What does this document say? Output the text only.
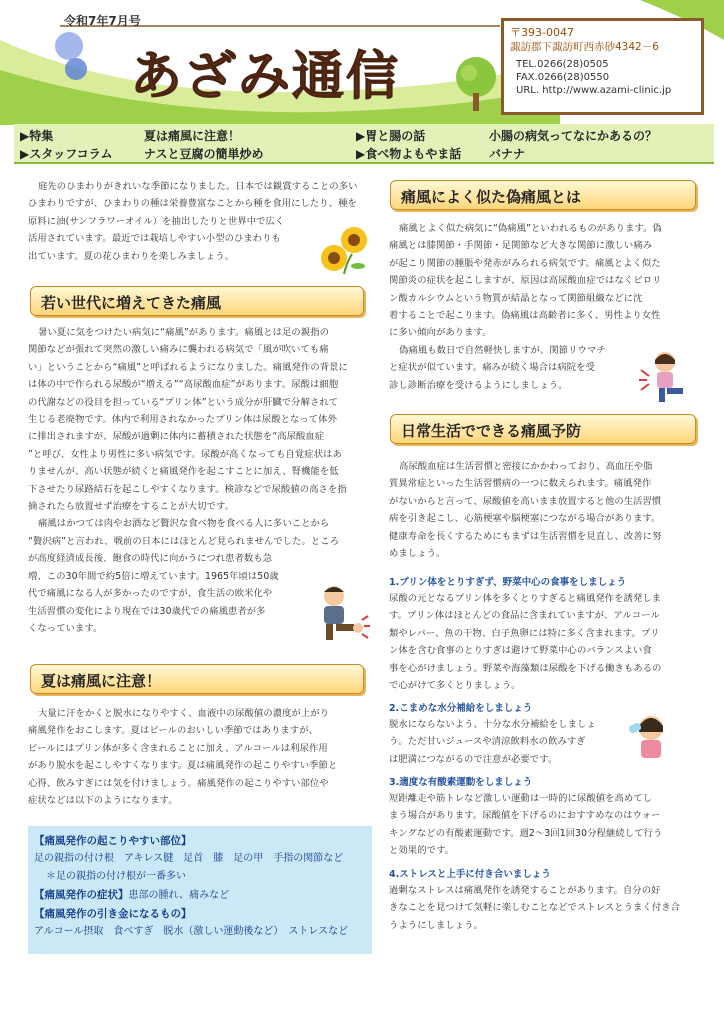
令和7年7月号
あざみ通信
〒393-0047
諏訪郡下諏訪町西赤砂4342－6
TEL.0266(28)0505
FAX.0266(28)0550
URL. http://www.azami-clinic.jp
▶特集	夏は痛風に注意！
▶スタッフコラム	ナスと豆腐の簡単炒め
▶胃と腸の話	小腸の病気ってなにかあるの？
▶食べ物よもやま話 バナナ
庭先のひまわりがきれいな季節になりました。日本では観賞することの多い
ひまわりですが、ひまわりの種は栄養豊富なことから種を食用にしたり、種を
原料に油(サンフラワーオイル）を抽出したりと世界中で広く
活用されています。最近では栽培しやすい小型のひまわりも
出ています。夏の花ひまわりを楽しみましょう。
若い世代に増えてきた痛風
暑い夏に気をつけたい病気に“痛風”があります。痛風とは足の親指の
関節などが張れて突然の激しい痛みに襲われる病気で「風が吹いても痛
い」ということから“痛風”と呼ばれるようになりました。痛風発作の背景に
は体の中で作られる尿酸が“増える”“高尿酸血症”があります。尿酸は細胞
の代謝などの役目を担っている“プリン体”という成分が肝臓で分解されて
生じる老廃物です。体内で利用されなかったプリン体は尿酸となって体外
に排出されますが、尿酸が過剰に体内に蓄積された状態を“高尿酸血症
”と呼び、女性より男性に多い病気です。尿酸が高くなっても自覚症状はあ
りませんが、高い状態が続くと痛風発作を起こすことに加え、腎機能を低
下させたり尿路結石を起こしやすくなります。検診などで尿酸値の高さを指
摘されたら放置せず治療をすることが大切です。
痛風はかつては肉やお酒など贅沢な食べ物を食べる人に多いことから
“贅沢病”と言われ、戦前の日本にはほとんど見られませんでした。ところ
が高度経済成長後、飽食の時代に向かうにつれ患者数も急
増、この30年間で約5倍に増えています。1965年頃は50歳
代で痛風になる人が多かったのですが、食生活の欧米化や
生活習慣の変化により現在では30歳代での痛風患者が多
くなっています。
夏は痛風に注意！
大量に汗をかくと脱水になりやすく、血液中の尿酸値の濃度が上がり
痛風発作をおこします。夏はビールのおいしい季節ではありますが、
ビールにはプリン体が多く含まれることに加え、アルコールは利尿作用
があり脱水を起こしやすくなります。夏は痛風発作の起こりやすい季節と
心得、飲みすぎには気を付けましょう。痛風発作の起こりやすい部位や
症状などは以下のようになります。
【痛風発作の起こりやすい部位】
足の親指の付け根　アキレス腱　足首　膝　足の甲　手指の関節など
＊足の親指の付け根が一番多い
【痛風発作の症状】患部の腫れ、痛みなど
【痛風発作の引き金になるもの】
アルコール摂取　食べすぎ　脱水（激しい運動後など）　ストレスなど
痛風によく似た偽痛風とは
痛風とよく似た病気に“偽痛風”といわれるものがあります。偽
痛風とは膝関節・手関節・足関節など大きな関節に激しい痛み
が起こり関節の腫脹や発赤がみられる病気です。痛風とよく似た
関節炎の症状を起こしますが、原因は高尿酸血症ではなくピロリ
ン酸カルシウムという物質が結晶となって関節組織などに沈
着することで起こります。偽痛風は高齢者に多く、男性より女性
に多い傾向があります。
偽痛風も数日で自然軽快しますが、関節リウマチ
と症状が似ています。痛みが続く場合は病院を受
診し診断治療を受けるようにしましょう。
日常生活でできる痛風予防
高尿酸血症は生活習慣と密接にかかわっており、高血圧や脂
質異常症といった生活習慣病の一つに数えられます。痛風発作
がないからと言って、尿酸値を高いまま放置すると他の生活習慣
病を引き起こし、心筋梗塞や脳梗塞につながる場合があります。
健康寿命を長くするためにもまずは生活習慣を見直し、改善に努
めましょう。
1.プリン体をとりすぎず、野菜中心の食事をしましょう
尿酸の元となるプリン体を多くとりすぎると痛風発作を誘発しま
す。プリン体はほとんどの食品に含まれていますが、アルコール
類やレバー、魚の干物、白子魚卵には特に多く含まれます。プリ
ン体を含む食事のとりすぎは避けて野菜中心のバランスよい食
事を心がけましょう。野菜や海藻類は尿酸を下げる働きもあるの
で心がけて多くとりましょう。
2.こまめな水分補給をしましょう
脱水にならないよう、十分な水分補給をしましょ
う。ただ甘いジュースや清涼飲料水の飲みすぎ
は肥満につながるので注意が必要です。
3.適度な有酸素運動をしましょう
短距離走や筋トレなど激しい運動は一時的に尿酸値を高めてし
まう場合があります。尿酸値を下げるのにおすすめなのはウォー
キングなどの有酸素運動です。週2～3回1回30分程継続して行う
と効果的です。
4.ストレスと上手に付き合いましょう
過剰なストレスは痛風発作を誘発することがあります。自分の好
きなことを見つけて気軽に楽しむことなどでストレスとうまく付き合
うようにしましょう。
